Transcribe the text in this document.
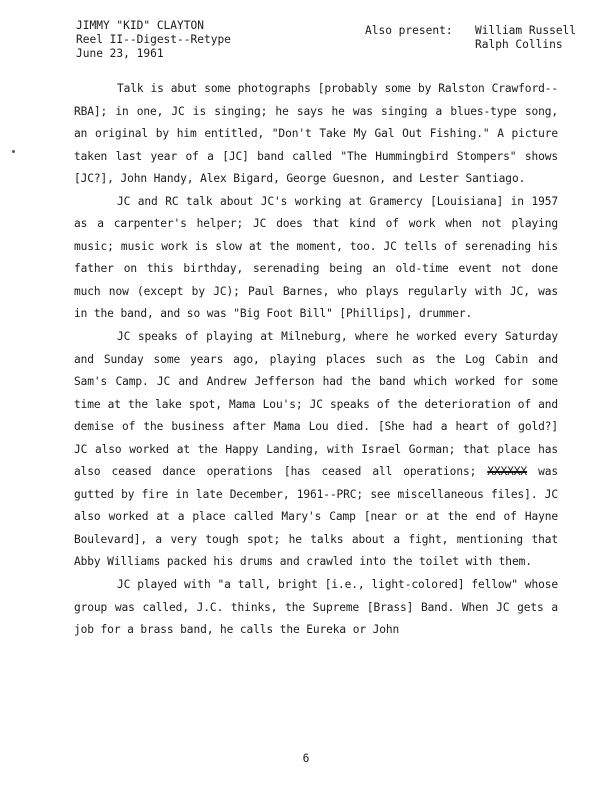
JIMMY "KID" CLAYTON
Reel II--Digest--Retype
June 23, 1961
Also present: William Russell
Ralph Collins

Talk is abut some photographs [probably some by Ralston Crawford--RBA]; in one, JC is singing; he says he was singing a blues-type song, an original by him entitled, "Don't Take My Gal Out Fishing." A picture taken last year of a [JC] band called "The Hummingbird Stompers" shows [JC?], John Handy, Alex Bigard, George Guesnon, and Lester Santiago.

JC and RC talk about JC's working at Gramercy [Louisiana] in 1957 as a carpenter's helper; JC does that kind of work when not playing music; music work is slow at the moment, too. JC tells of serenading his father on this birthday, serenading being an old-time event not done much now (except by JC); Paul Barnes, who plays regularly with JC, was in the band, and so was "Big Foot Bill" [Phillips], drummer.

JC speaks of playing at Milneburg, where he worked every Saturday and Sunday some years ago, playing places such as the Log Cabin and Sam's Camp. JC and Andrew Jefferson had the band which worked for some time at the lake spot, Mama Lou's; JC speaks of the deterioration of and demise of the business after Mama Lou died. [She had a heart of gold?] JC also worked at the Happy Landing, with Israel Gorman; that place has also ceased dance operations [has ceased all operations; XXXXXX was gutted by fire in late December, 1961--PRC; see miscellaneous files]. JC also worked at a place called Mary's Camp [near or at the end of Hayne Boulevard], a very tough spot; he talks about a fight, mentioning that Abby Williams packed his drums and crawled into the toilet with them.

JC played with "a tall, bright [i.e., light-colored] fellow" whose group was called, J.C. thinks, the Supreme [Brass] Band. When JC gets a job for a brass band, he calls the Eureka or John

6
